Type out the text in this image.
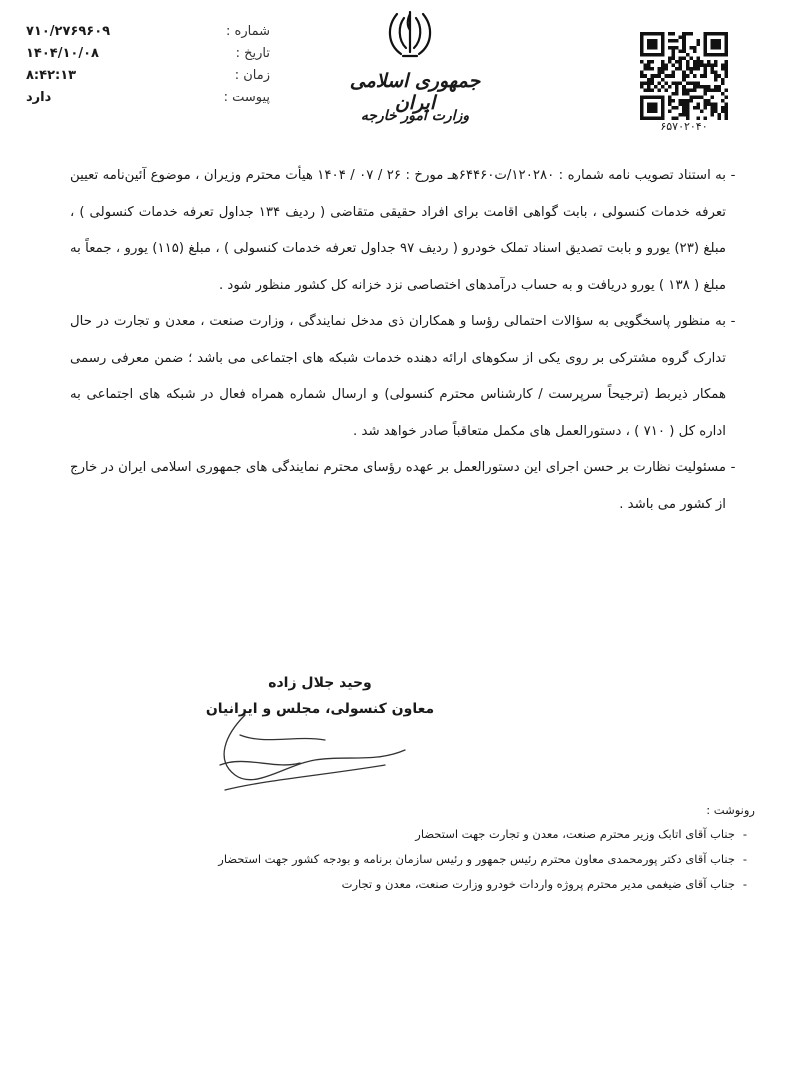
شماره :
۷۱۰/۲۷۶۹۶۰۹
تاریخ :
۱۴۰۴/۱۰/۰۸
زمان :
۸:۴۲:۱۳
پیوست :
دارد
جمهوری اسلامی ایران
وزارت امور خارجه
۶۵۷۰۲۰۴۰
-
به استناد تصویب نامه شماره : ۱۲۰۲۸۰/ت۶۴۴۶۰هـ مورخ : ۲۶ / ۰۷ / ۱۴۰۴ هیأت محترم وزیران ، موضوع آئین‌نامه تعیین تعرفه خدمات کنسولی ، بابت گواهی اقامت برای افراد حقیقی متقاضی ( ردیف ۱۳۴ جداول تعرفه خدمات کنسولی ) ، مبلغ (۲۳) یورو و بابت تصدیق اسناد تملک خودرو ( ردیف ۹۷ جداول تعرفه خدمات کنسولی ) ، مبلغ (۱۱۵) یورو ، جمعاً به مبلغ ( ۱۳۸ ) یورو دریافت و به حساب درآمدهای اختصاصی نزد خزانه کل کشور منظور شود .
-
به منظور پاسخگویی به سؤالات احتمالی رؤسا و همکاران ذی مدخل نمایندگی ، وزارت صنعت ، معدن و تجارت در حال تدارک گروه مشترکی بر روی یکی از سکوهای ارائه دهنده خدمات شبکه های اجتماعی می باشد ؛ ضمن معرفی رسمی همکار ذیربط (ترجیحاً سرپرست / کارشناس محترم کنسولی) و ارسال شماره همراه فعال در شبکه های اجتماعی به اداره کل ( ۷۱۰ ) ، دستورالعمل های مکمل متعاقباً صادر خواهد شد .
-
مسئولیت نظارت بر حسن اجرای این دستورالعمل بر عهده رؤسای محترم نمایندگی های جمهوری اسلامی ایران در خارج از کشور می باشد .
وحید جلال زاده
معاون کنسولی، مجلس و ایرانیان
رونوشت :
-
جناب آقای اتابک وزیر محترم صنعت، معدن و تجارت جهت استحضار
-
جناب آقای دکتر پورمحمدی معاون محترم رئیس جمهور و رئیس سازمان برنامه و بودجه کشور جهت استحضار
-
جناب آقای ضیغمی مدیر محترم پروژه واردات خودرو وزارت صنعت، معدن و تجارت
